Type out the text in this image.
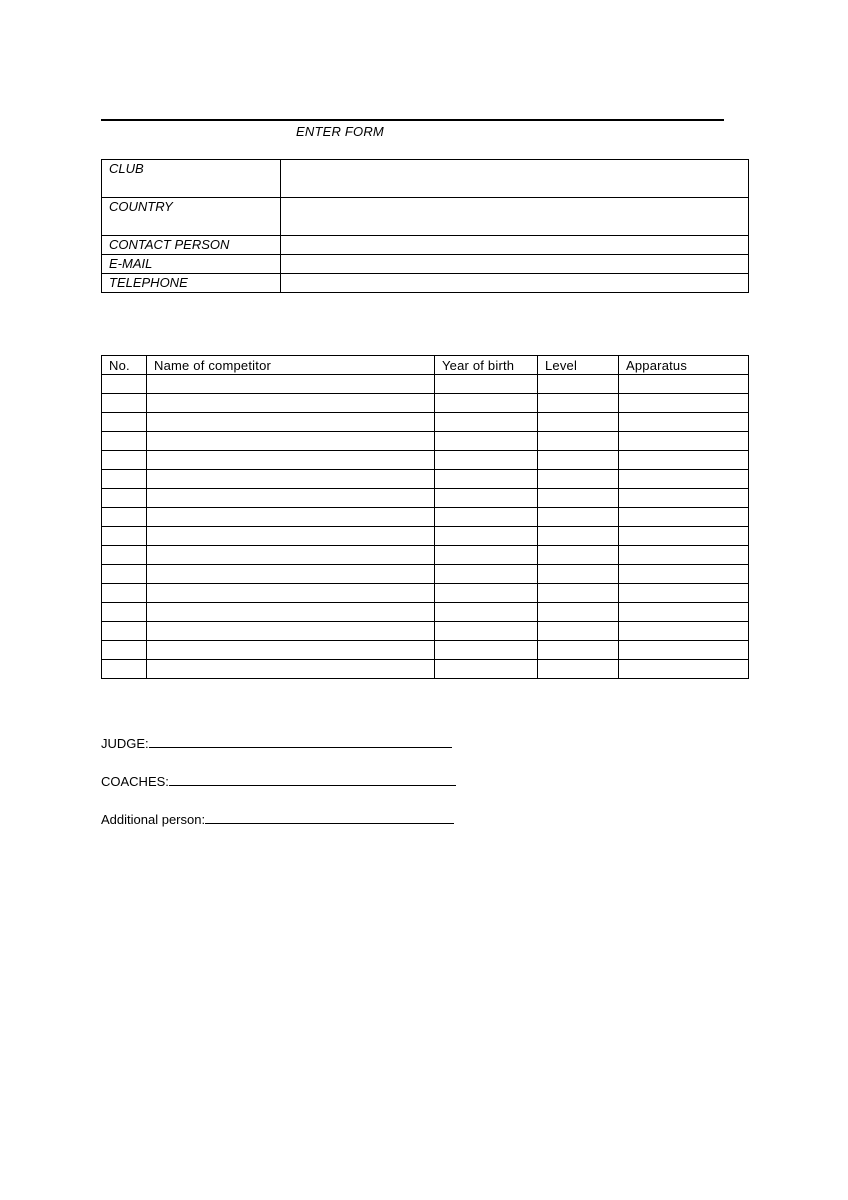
ENTER FORM
CLUB	
COUNTRY	
CONTACT PERSON	
E-MAIL	
TELEPHONE	
No.	Name of competitor	Year of birth	Level	Apparatus

JUDGE:
COACHES:
Additional person:
